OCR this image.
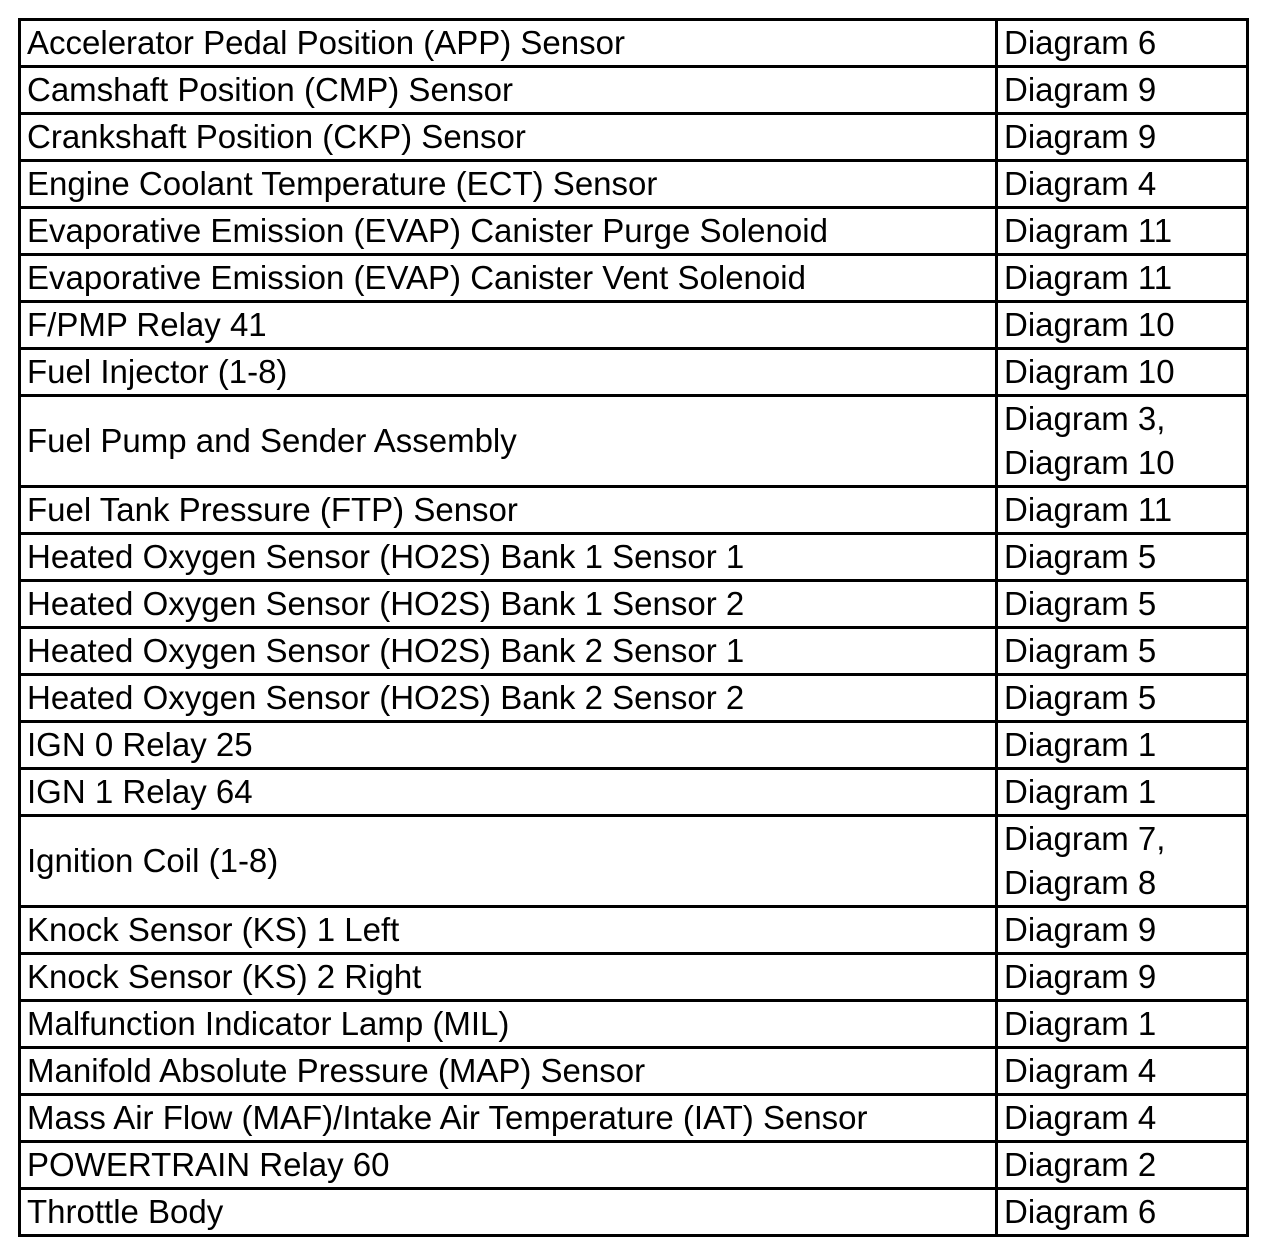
Accelerator Pedal Position (APP) Sensor	Diagram 6
Camshaft Position (CMP) Sensor	Diagram 9
Crankshaft Position (CKP) Sensor	Diagram 9
Engine Coolant Temperature (ECT) Sensor	Diagram 4
Evaporative Emission (EVAP) Canister Purge Solenoid	Diagram 11
Evaporative Emission (EVAP) Canister Vent Solenoid	Diagram 11
F/PMP Relay 41	Diagram 10
Fuel Injector (1-8)	Diagram 10
Fuel Pump and Sender Assembly	Diagram 3,
Diagram 10
Fuel Tank Pressure (FTP) Sensor	Diagram 11
Heated Oxygen Sensor (HO2S) Bank 1 Sensor 1	Diagram 5
Heated Oxygen Sensor (HO2S) Bank 1 Sensor 2	Diagram 5
Heated Oxygen Sensor (HO2S) Bank 2 Sensor 1	Diagram 5
Heated Oxygen Sensor (HO2S) Bank 2 Sensor 2	Diagram 5
IGN 0 Relay 25	Diagram 1
IGN 1 Relay 64	Diagram 1
Ignition Coil (1-8)	Diagram 7,
Diagram 8
Knock Sensor (KS) 1 Left	Diagram 9
Knock Sensor (KS) 2 Right	Diagram 9
Malfunction Indicator Lamp (MIL)	Diagram 1
Manifold Absolute Pressure (MAP) Sensor	Diagram 4
Mass Air Flow (MAF)/Intake Air Temperature (IAT) Sensor	Diagram 4
POWERTRAIN Relay 60	Diagram 2
Throttle Body	Diagram 6
